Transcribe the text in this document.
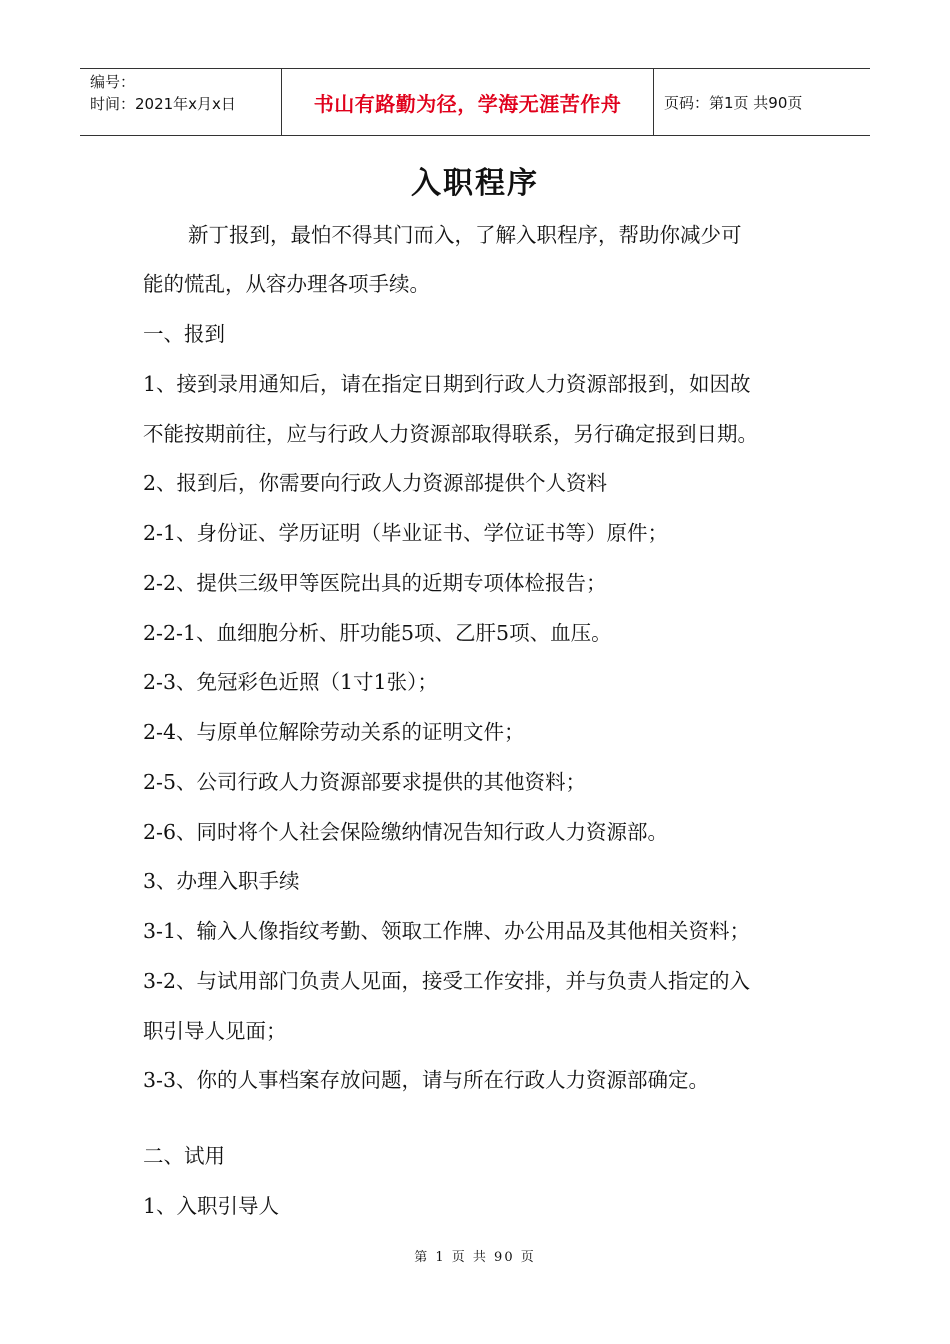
编号：
时间：2021年x月x日	书山有路勤为径，学海无涯苦作舟	页码：第1页 共90页
入职程序
新丁报到，最怕不得其门而入，了解入职程序，帮助你减少可
能的慌乱，从容办理各项手续。
一、报到
1、接到录用通知后，请在指定日期到行政人力资源部报到，如因故
不能按期前往，应与行政人力资源部取得联系，另行确定报到日期。
2、报到后，你需要向行政人力资源部提供个人资料
2-1、身份证、学历证明（毕业证书、学位证书等）原件；
2-2、提供三级甲等医院出具的近期专项体检报告；
2-2-1、血细胞分析、肝功能5项、乙肝5项、血压。
2-3、免冠彩色近照（1寸1张）；
2-4、与原单位解除劳动关系的证明文件；
2-5、公司行政人力资源部要求提供的其他资料；
2-6、同时将个人社会保险缴纳情况告知行政人力资源部。
3、办理入职手续
3-1、输入人像指纹考勤、领取工作牌、办公用品及其他相关资料；
3-2、与试用部门负责人见面，接受工作安排，并与负责人指定的入
职引导人见面；
3-3、你的人事档案存放问题，请与所在行政人力资源部确定。
二、试用
1、入职引导人
第 1 页 共 90 页
